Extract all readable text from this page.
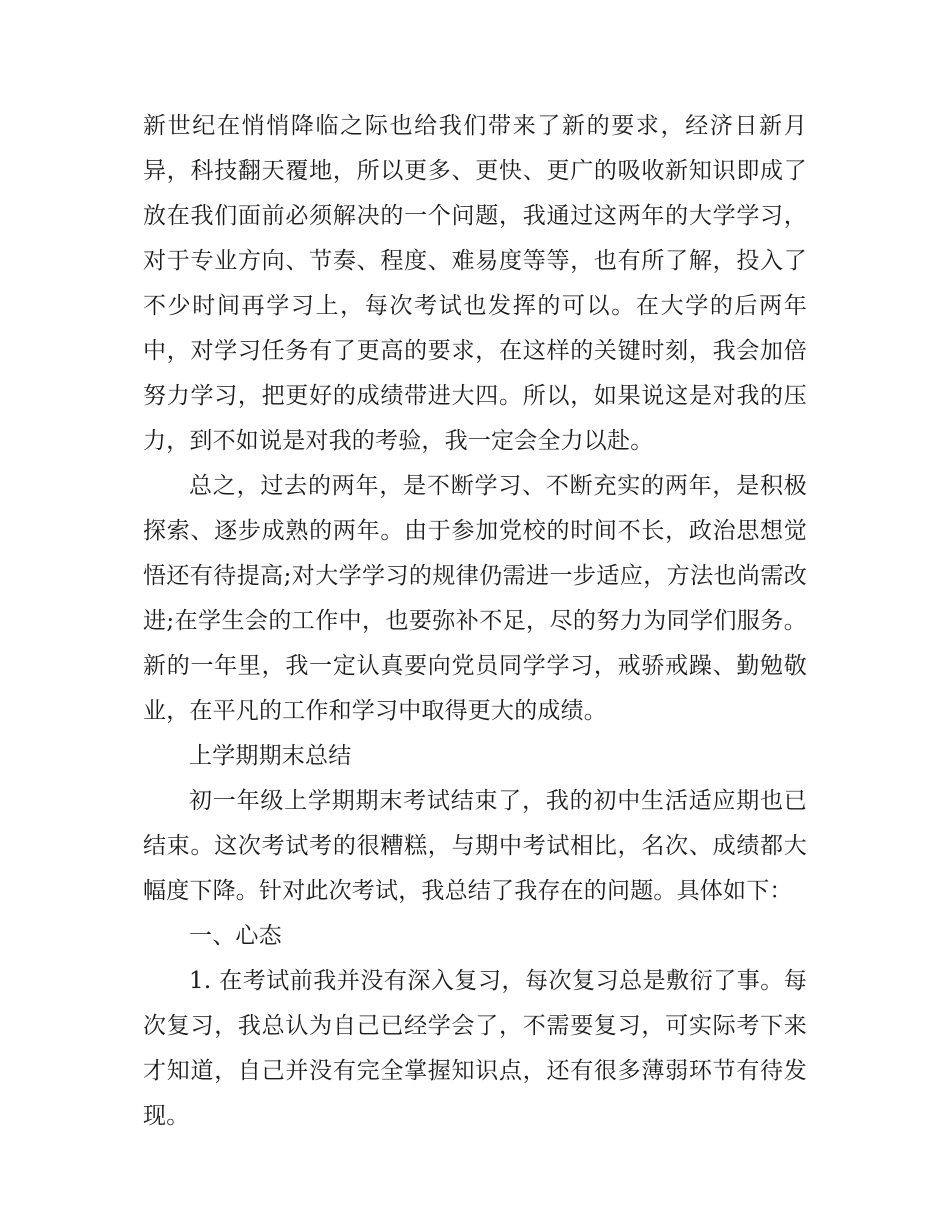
新世纪在悄悄降临之际也给我们带来了新的要求，经济日新月异，科技翻天覆地，所以更多、更快、更广的吸收新知识即成了放在我们面前必须解决的一个问题，我通过这两年的大学学习，对于专业方向、节奏、程度、难易度等等，也有所了解，投入了不少时间再学习上，每次考试也发挥的可以。在大学的后两年中，对学习任务有了更高的要求，在这样的关键时刻，我会加倍努力学习，把更好的成绩带进大四。所以，如果说这是对我的压力，到不如说是对我的考验，我一定会全力以赴。

总之，过去的两年，是不断学习、不断充实的两年，是积极探索、逐步成熟的两年。由于参加党校的时间不长，政治思想觉悟还有待提高;对大学学习的规律仍需进一步适应，方法也尚需改进;在学生会的工作中，也要弥补不足，尽的努力为同学们服务。新的一年里，我一定认真要向党员同学学习，戒骄戒躁、勤勉敬业，在平凡的工作和学习中取得更大的成绩。

上学期期末总结

初一年级上学期期末考试结束了，我的初中生活适应期也已结束。这次考试考的很糟糕，与期中考试相比，名次、成绩都大幅度下降。针对此次考试，我总结了我存在的问题。具体如下：

一、心态

1. 在考试前我并没有深入复习，每次复习总是敷衍了事。每次复习，我总认为自己已经学会了，不需要复习，可实际考下来才知道，自己并没有完全掌握知识点，还有很多薄弱环节有待发现。
